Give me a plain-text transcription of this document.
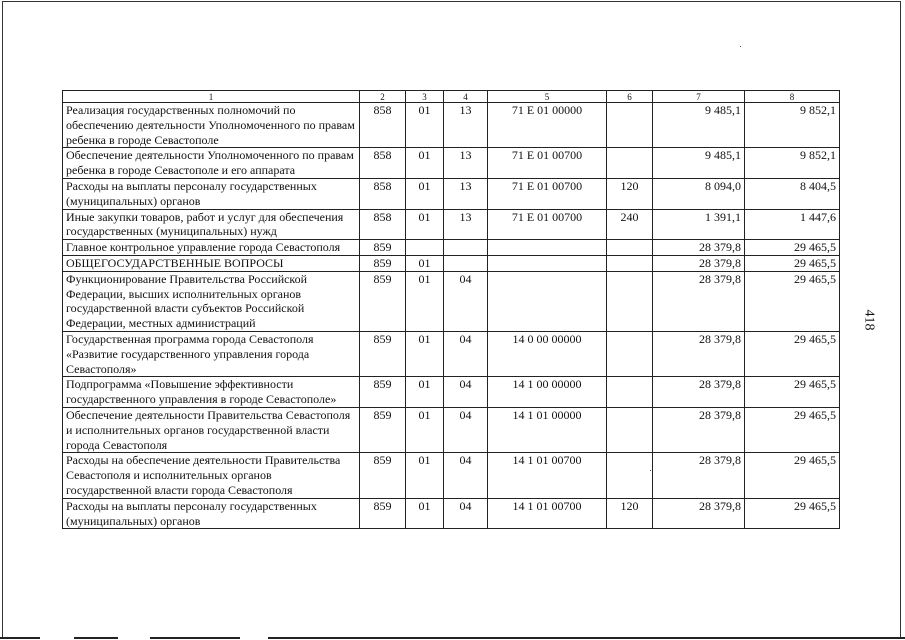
1	2	3	4	5	6	7	8
Реализация государственных полномочий по обеспечению деятельности Уполномоченного по правам ребенка в городе Севастополе	858	01	13	71 Е 01 00000		9 485,1	9 852,1
Обеспечение деятельности Уполномоченного по правам ребенка в городе Севастополе и его аппарата	858	01	13	71 Е 01 00700		9 485,1	9 852,1
Расходы на выплаты персоналу государственных (муниципальных) органов	858	01	13	71 Е 01 00700	120	8 094,0	8 404,5
Иные закупки товаров, работ и услуг для обеспечения государственных (муниципальных) нужд	858	01	13	71 Е 01 00700	240	1 391,1	1 447,6
Главное контрольное управление города Севастополя	859					28 379,8	29 465,5
ОБЩЕГОСУДАРСТВЕННЫЕ ВОПРОСЫ	859	01				28 379,8	29 465,5
Функционирование Правительства Российской Федерации, высших исполнительных органов государственной власти субъектов Российской Федерации, местных администраций	859	01	04			28 379,8	29 465,5
Государственная программа города Севастополя «Развитие государственного управления города Севастополя»	859	01	04	14 0 00 00000		28 379,8	29 465,5
Подпрограмма «Повышение эффективности государственного управления в городе Севастополе»	859	01	04	14 1 00 00000		28 379,8	29 465,5
Обеспечение деятельности Правительства Севастополя и исполнительных органов государственной власти города Севастополя	859	01	04	14 1 01 00000		28 379,8	29 465,5
Расходы на обеспечение деятельности Правительства Севастополя и исполнительных органов государственной власти города Севастополя	859	01	04	14 1 01 00700		28 379,8	29 465,5
Расходы на выплаты персоналу государственных (муниципальных) органов	859	01	04	14 1 01 00700	120	28 379,8	29 465,5
418
